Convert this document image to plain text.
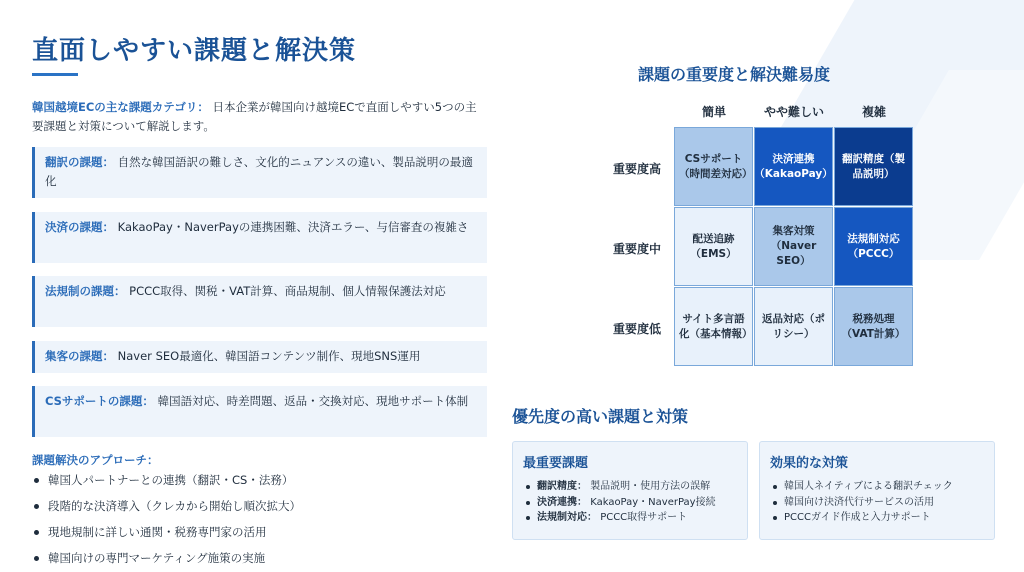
直面しやすい課題と解決策

韓国越境ECの主な課題カテゴリ： 日本企業が韓国向け越境ECで直面しやすい5つの主要課題と対策について解説します。

翻訳の課題： 自然な韓国語訳の難しさ、文化的ニュアンスの違い、製品説明の最適化
決済の課題： KakaoPay・NaverPayの連携困難、決済エラー、与信審査の複雑さ
法規制の課題： PCCC取得、関税・VAT計算、商品規制、個人情報保護法対応
集客の課題： Naver SEO最適化、韓国語コンテンツ制作、現地SNS運用
CSサポートの課題： 韓国語対応、時差問題、返品・交換対応、現地サポート体制
課題解決のアプローチ：
韓国人パートナーとの連携（翻訳・CS・法務）
段階的な決済導入（クレカから開始し順次拡大）
現地規制に詳しい通関・税務専門家の活用
韓国向けの専門マーケティング施策の実施
課題の重要度と解決難易度
簡単	やや難しい	複雑
重要度高
重要度中
重要度低
CSサポート（時間差対応）
決済連携（KakaoPay）
翻訳精度（製品説明）
配送追跡（EMS）
集客対策（Naver SEO）
法規制対応（PCCC）
サイト多言語化（基本情報）
返品対応（ポリシー）
税務処理（VAT計算）
優先度の高い課題と対策
最重要課題
翻訳精度： 製品説明・使用方法の誤解
決済連携： KakaoPay・NaverPay接続
法規制対応： PCCC取得サポート
効果的な対策
韓国人ネイティブによる翻訳チェック
韓国向け決済代行サービスの活用
PCCCガイド作成と入力サポート
